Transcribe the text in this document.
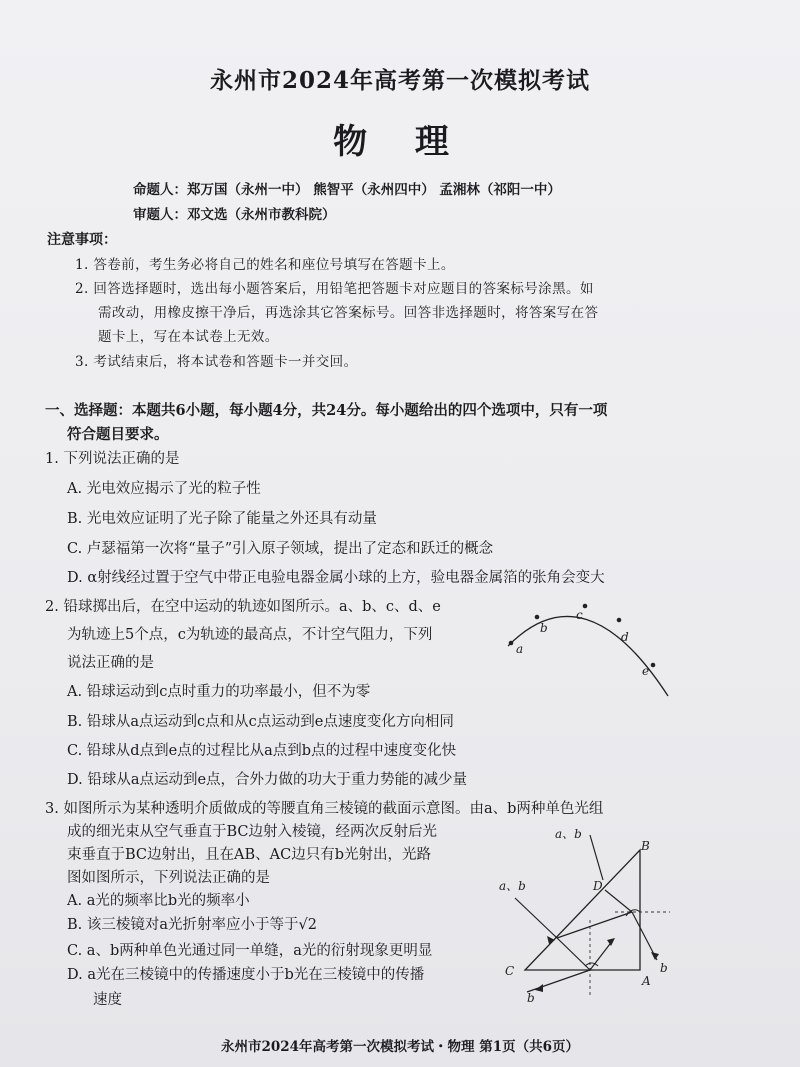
永州市2024年高考第一次模拟考试
物 理
命题人：郑万国（永州一中） 熊智平（永州四中） 孟湘林（祁阳一中）
审题人：邓文选（永州市教科院）
注意事项：
1. 答卷前，考生务必将自己的姓名和座位号填写在答题卡上。
2. 回答选择题时，选出每小题答案后，用铅笔把答题卡对应题目的答案标号涂黑。如
需改动，用橡皮擦干净后，再选涂其它答案标号。回答非选择题时，将答案写在答
题卡上，写在本试卷上无效。
3. 考试结束后，将本试卷和答题卡一并交回。
一、选择题：本题共6小题，每小题4分，共24分。每小题给出的四个选项中，只有一项
符合题目要求。
1. 下列说法正确的是
A. 光电效应揭示了光的粒子性
B. 光电效应证明了光子除了能量之外还具有动量
C. 卢瑟福第一次将“量子”引入原子领域，提出了定态和跃迁的概念
D. α射线经过置于空气中带正电验电器金属小球的上方，验电器金属箔的张角会变大
2. 铅球掷出后，在空中运动的轨迹如图所示。a、b、c、d、e
为轨迹上5个点，c为轨迹的最高点，不计空气阻力，下列
说法正确的是
A. 铅球运动到c点时重力的功率最小，但不为零
B. 铅球从a点运动到c点和从c点运动到e点速度变化方向相同
C. 铅球从d点到e点的过程比从a点到b点的过程中速度变化快
D. 铅球从a点运动到e点，合外力做的功大于重力势能的减少量
a
b
c
d
e
3. 如图所示为某种透明介质做成的等腰直角三棱镜的截面示意图。由a、b两种单色光组
成的细光束从空气垂直于BC边射入棱镜，经两次反射后光
束垂直于BC边射出，且在AB、AC边只有b光射出，光路
图如图所示，下列说法正确的是
A. a光的频率比b光的频率小
B. 该三棱镜对a光折射率应小于等于√2
C. a、b两种单色光通过同一单缝，a光的衍射现象更明显
D. a光在三棱镜中的传播速度小于b光在三棱镜中的传播
速度
a、b
a、b
B
D
C
A
b
b
永州市2024年高考第一次模拟考试・物理 第1页（共6页）
